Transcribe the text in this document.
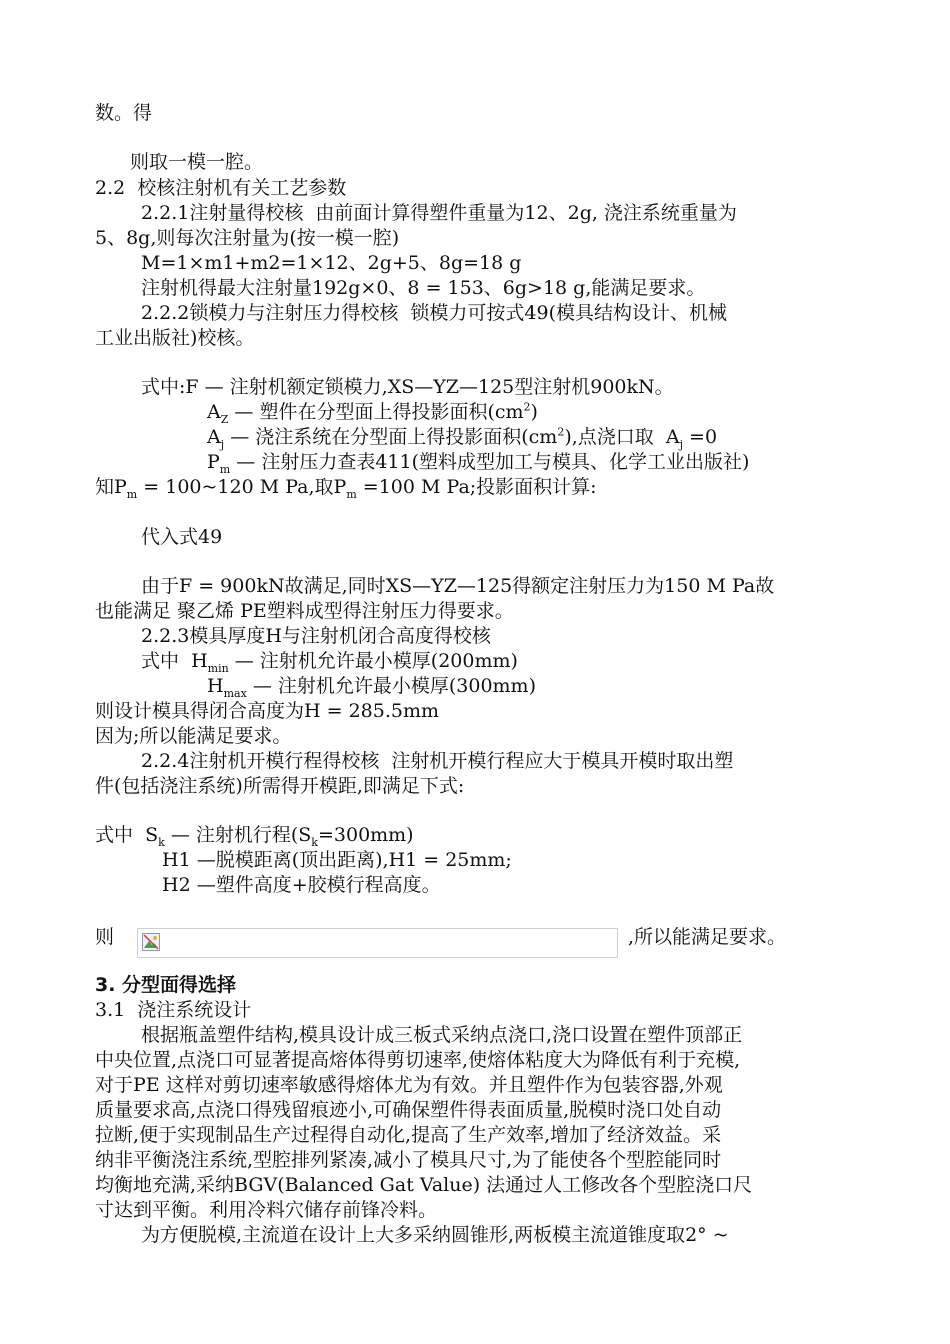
数。得
则取一模一腔。
2.2  校核注射机有关工艺参数
2.2.1注射量得校核  由前面计算得塑件重量为12、2g, 浇注系统重量为
5、8g,则每次注射量为(按一模一腔)
M=1×m1+m2=1×12、2g+5、8g=18 g
注射机得最大注射量192g×0、8 = 153、6g>18 g,能满足要求。
2.2.2锁模力与注射压力得校核  锁模力可按式49(模具结构设计、机械
工业出版社)校核。
式中:F — 注射机额定锁模力,XS—YZ—125型注射机900kN。
$A_Z$ — 塑件在分型面上得投影面积$(cm^2)$
$A_j$ — 浇注系统在分型面上得投影面积$(cm^2)$,点浇口取  $A_j =0$
$P_m$ — 注射压力查表411(塑料成型加工与模具、化学工业出版社)
知$P_m$ = 100~120 M Pa,取$P_m =100$ M Pa;投影面积计算:
代入式49
由于F = 900kN故满足,同时XS—YZ—125得额定注射压力为150 M Pa故
也能满足 聚乙烯 PE塑料成型得注射压力得要求。
2.2.3模具厚度H与注射机闭合高度得校核
式中  $H_{min}$ — 注射机允许最小模厚(200mm)
$H_{max}$ — 注射机允许最小模厚(300mm)
则设计模具得闭合高度为H = 285.5mm
因为;所以能满足要求。
2.2.4注射机开模行程得校核  注射机开模行程应大于模具开模时取出塑
件(包括浇注系统)所需得开模距,即满足下式:
式中  $S_k$ — 注射机行程$(S_k=300mm)$
H1 —脱模距离(顶出距离),H1 = 25mm;
H2 —塑件高度+胶模行程高度。
则	,所以能满足要求。
3. 分型面得选择
3.1  浇注系统设计
根据瓶盖塑件结构,模具设计成三板式采纳点浇口,浇口设置在塑件顶部正
中央位置,点浇口可显著提高熔体得剪切速率,使熔体粘度大为降低有利于充模,
对于PE 这样对剪切速率敏感得熔体尤为有效。并且塑件作为包装容器,外观
质量要求高,点浇口得残留痕迹小,可确保塑件得表面质量,脱模时浇口处自动
拉断,便于实现制品生产过程得自动化,提高了生产效率,增加了经济效益。采
纳非平衡浇注系统,型腔排列紧凑,减小了模具尺寸,为了能使各个型腔能同时
均衡地充满,采纳BGV(Balanced Gat Value) 法通过人工修改各个型腔浇口尺
寸达到平衡。利用冷料穴储存前锋冷料。
为方便脱模,主流道在设计上大多采纳圆锥形,两板模主流道锥度取2° ~
